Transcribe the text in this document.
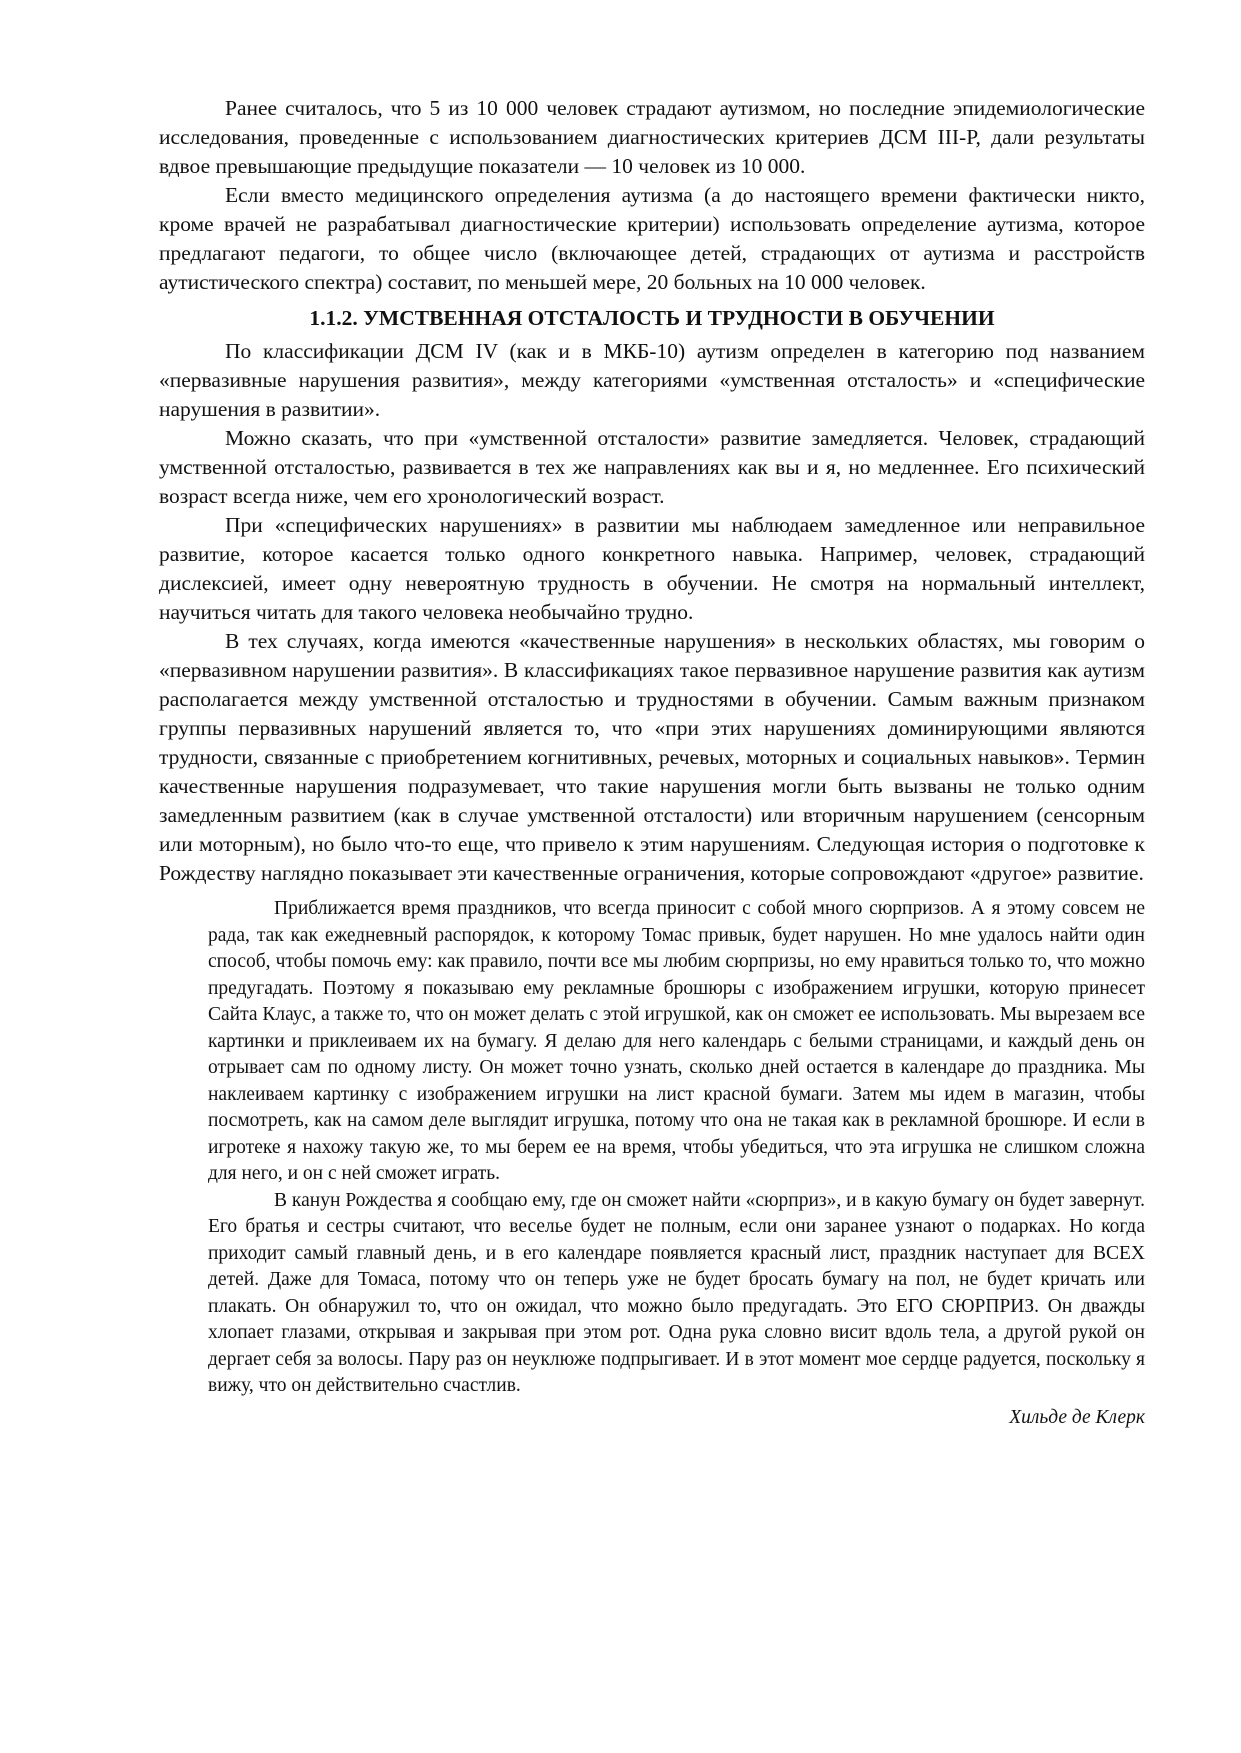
Ранее считалось, что 5 из 10 000 человек страдают аутизмом, но последние эпидемиологические исследования, проведенные с использованием диагностических критериев ДСМ III-Р, дали результаты вдвое превышающие предыдущие показатели — 10 человек из 10 000.

Если вместо медицинского определения аутизма (а до настоящего времени фактически никто, кроме врачей не разрабатывал диагностические критерии) использовать определение аутизма, которое предлагают педагоги, то общее число (включающее детей, страдающих от аутизма и расстройств аутистического спектра) составит, по меньшей мере, 20 больных на 10 000 человек.

1.1.2. УМСТВЕННАЯ ОТСТАЛОСТЬ И ТРУДНОСТИ В ОБУЧЕНИИ

По классификации ДСМ IV (как и в МКБ-10) аутизм определен в категорию под названием «первазивные нарушения развития», между категориями «умственная отсталость» и «специфические нарушения в развитии».

Можно сказать, что при «умственной отсталости» развитие замедляется. Человек, страдающий умственной отсталостью, развивается в тех же направлениях как вы и я, но медленнее. Его психический возраст всегда ниже, чем его хронологический возраст.

При «специфических нарушениях» в развитии мы наблюдаем замедленное или неправильное развитие, которое касается только одного конкретного навыка. Например, человек, страдающий дислексией, имеет одну невероятную трудность в обучении. Не смотря на нормальный интеллект, научиться читать для такого человека необычайно трудно.

В тех случаях, когда имеются «качественные нарушения» в нескольких областях, мы говорим о «первазивном нарушении развития». В классификациях такое первазивное нарушение развития как аутизм располагается между умственной отсталостью и трудностями в обучении. Самым важным признаком группы первазивных нарушений является то, что «при этих нарушениях доминирующими являются трудности, связанные с приобретением когнитивных, речевых, моторных и социальных навыков». Термин качественные нарушения подразумевает, что такие нарушения могли быть вызваны не только одним замедленным развитием (как в случае умственной отсталости) или вторичным нарушением (сенсорным или моторным), но было что-то еще, что привело к этим нарушениям. Следующая история о подготовке к Рождеству наглядно показывает эти качественные ограничения, которые сопровождают «другое» развитие.

Приближается время праздников, что всегда приносит с собой много сюрпризов. А я этому совсем не рада, так как ежедневный распорядок, к которому Томас привык, будет нарушен. Но мне удалось найти один способ, чтобы помочь ему: как правило, почти все мы любим сюрпризы, но ему нравиться только то, что можно предугадать. Поэтому я показываю ему рекламные брошюры с изображением игрушки, которую принесет Сайта Клаус, а также то, что он может делать с этой игрушкой, как он сможет ее использовать. Мы вырезаем все картинки и приклеиваем их на бумагу. Я делаю для него календарь с белыми страницами, и каждый день он отрывает сам по одному листу. Он может точно узнать, сколько дней остается в календаре до праздника. Мы наклеиваем картинку с изображением игрушки на лист красной бумаги. Затем мы идем в магазин, чтобы посмотреть, как на самом деле выглядит игрушка, потому что она не такая как в рекламной брошюре. И если в игротеке я нахожу такую же, то мы берем ее на время, чтобы убедиться, что эта игрушка не слишком сложна для него, и он с ней сможет играть.

В канун Рождества я сообщаю ему, где он сможет найти «сюрприз», и в какую бумагу он будет завернут. Его братья и сестры считают, что веселье будет не полным, если они заранее узнают о подарках. Но когда приходит самый главный день, и в его календаре появляется красный лист, праздник наступает для ВСЕХ детей. Даже для Томаса, потому что он теперь уже не будет бросать бумагу на пол, не будет кричать или плакать. Он обнаружил то, что он ожидал, что можно было предугадать. Это ЕГО СЮРПРИЗ. Он дважды хлопает глазами, открывая и закрывая при этом рот. Одна рука словно висит вдоль тела, а другой рукой он дергает себя за волосы. Пару раз он неуклюже подпрыгивает. И в этот момент мое сердце радуется, поскольку я вижу, что он действительно счастлив.

Хильде де Клерк
